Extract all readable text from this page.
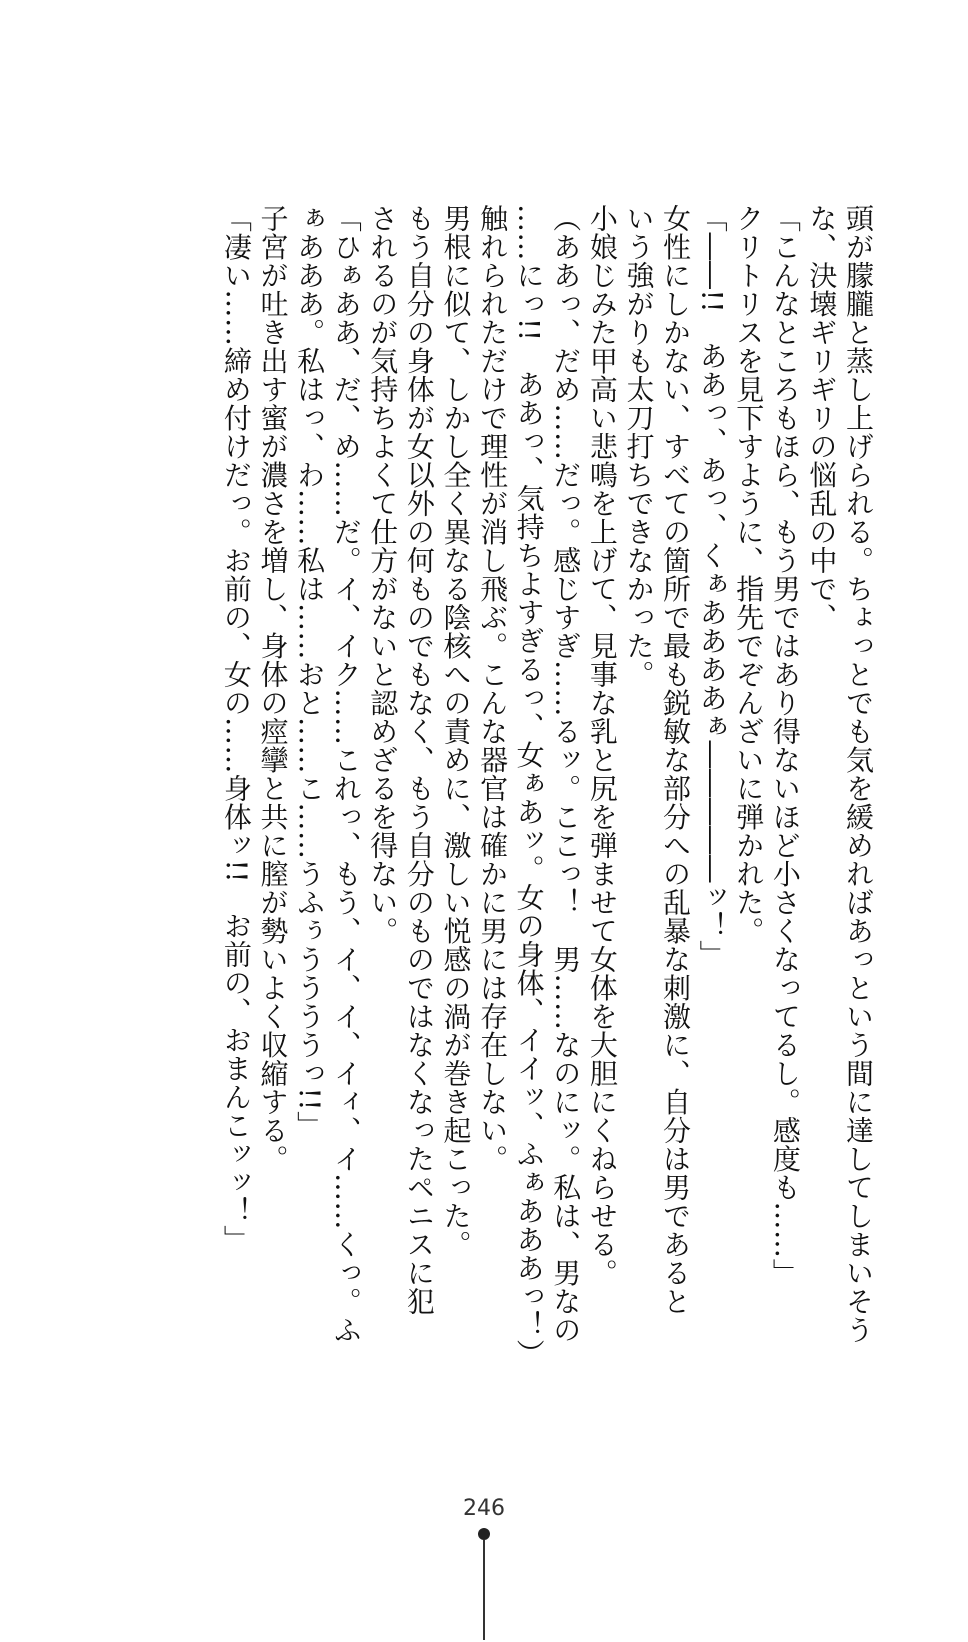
頭が朦朧と蒸し上げられる。ちょっとでも気を緩めればあっという間に達してしまいそう
な、決壊ギリギリの悩乱の中で、
「こんなところもほら、もう男ではあり得ないほど小さくなってるし。感度も……」
クリトリスを見下すように、指先でぞんざいに弾かれた。
「――!!　ああっ、あっ、くぁああああぁ―――――ッ！」
女性にしかない、すべての箇所で最も鋭敏な部分への乱暴な刺激に、自分は男であると
いう強がりも太刀打ちできなかった。
小娘じみた甲高い悲鳴を上げて、見事な乳と尻を弾ませて女体を大胆にくねらせる。
（ああっ、だめ……だっ。感じすぎ……るッ。ここっ！　男……なのにッ。私は、男なの
……にっ!!　ああっ、気持ちよすぎるっ、女ぁあッ。女の身体、イイッ、ふぁあああっ！）
触れられただけで理性が消し飛ぶ。こんな器官は確かに男には存在しない。
男根に似て、しかし全く異なる陰核への責めに、激しい悦感の渦が巻き起こった。
もう自分の身体が女以外の何ものでもなく、もう自分のものではなくなったペニスに犯
されるのが気持ちよくて仕方がないと認めざるを得ない。
「ひぁああ、だ、め……だ。イ、イク……これっ、もう、イ、イ、イィ、イ……くっ。ふ
ぁあああ。私はっ、わ……私は……おと……こ……うふぅううううっ!!」
子宮が吐き出す蜜が濃さを増し、身体の痙攣と共に膣が勢いよく収縮する。
「凄い……締め付けだっ。お前の、女の……身体ッ!!　お前の、おまんこッッ！」
246
